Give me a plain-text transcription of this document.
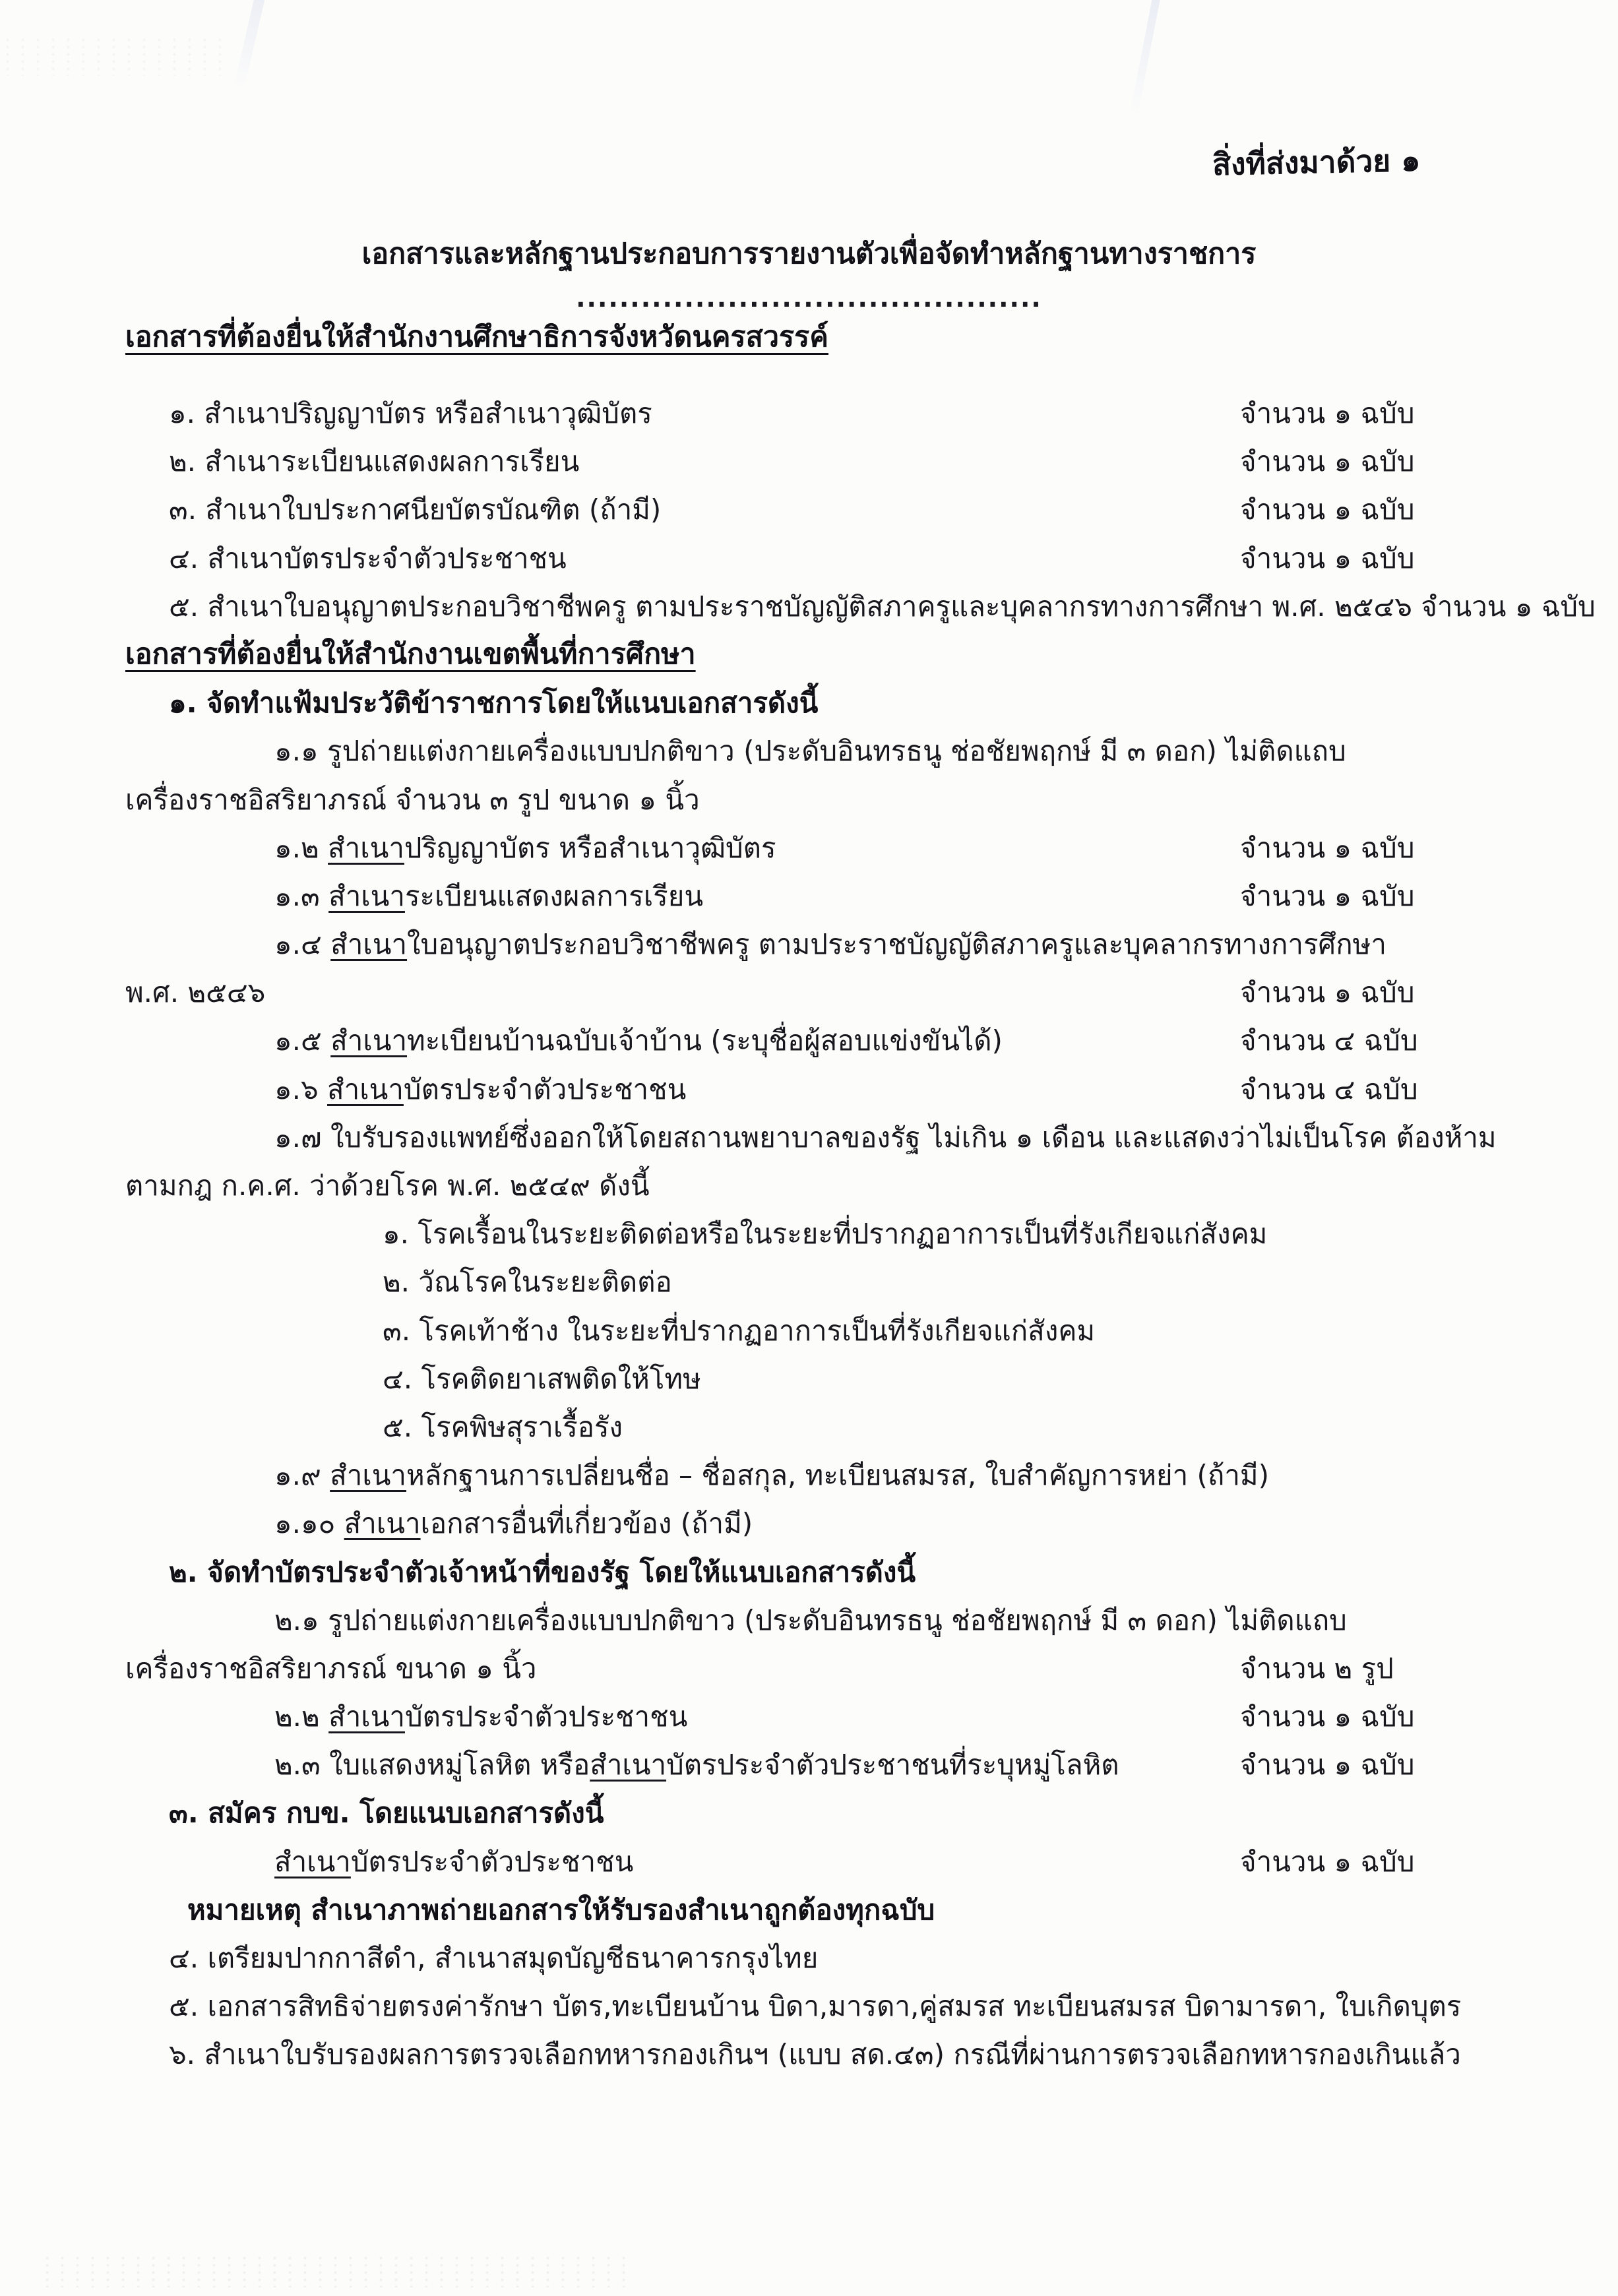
สิ่งที่ส่งมาด้วย ๑
เอกสารและหลักฐานประกอบการรายงานตัวเพื่อจัดทำหลักฐานทางราชการ
...........................................
เอกสารที่ต้องยื่นให้สำนักงานศึกษาธิการจังหวัดนครสวรรค์
๑. สำเนาปริญญาบัตร หรือสำเนาวุฒิบัตร	จำนวน ๑ ฉบับ
๒. สำเนาระเบียนแสดงผลการเรียน	จำนวน ๑ ฉบับ
๓. สำเนาใบประกาศนียบัตรบัณฑิต (ถ้ามี)	จำนวน ๑ ฉบับ
๔. สำเนาบัตรประจำตัวประชาชน	จำนวน ๑ ฉบับ
๕. สำเนาใบอนุญาตประกอบวิชาชีพครู ตามประราชบัญญัติสภาครูและบุคลากรทางการศึกษา พ.ศ. ๒๕๔๖ จำนวน ๑ ฉบับ
เอกสารที่ต้องยื่นให้สำนักงานเขตพื้นที่การศึกษา
๑. จัดทำแฟ้มประวัติข้าราชการโดยให้แนบเอกสารดังนี้
๑.๑ รูปถ่ายแต่งกายเครื่องแบบปกติขาว (ประดับอินทรธนู ช่อชัยพฤกษ์ มี ๓ ดอก) ไม่ติดแถบ
เครื่องราชอิสริยาภรณ์ จำนวน ๓ รูป ขนาด ๑ นิ้ว
๑.๒ สำเนาปริญญาบัตร หรือสำเนาวุฒิบัตร	จำนวน ๑ ฉบับ
๑.๓ สำเนาระเบียนแสดงผลการเรียน	จำนวน ๑ ฉบับ
๑.๔ สำเนาใบอนุญาตประกอบวิชาชีพครู ตามประราชบัญญัติสภาครูและบุคลากรทางการศึกษา
พ.ศ. ๒๕๔๖	จำนวน ๑ ฉบับ
๑.๕ สำเนาทะเบียนบ้านฉบับเจ้าบ้าน (ระบุชื่อผู้สอบแข่งขันได้)	จำนวน ๔ ฉบับ
๑.๖ สำเนาบัตรประจำตัวประชาชน	จำนวน ๔ ฉบับ
๑.๗ ใบรับรองแพทย์ซึ่งออกให้โดยสถานพยาบาลของรัฐ ไม่เกิน ๑ เดือน และแสดงว่าไม่เป็นโรค ต้องห้าม
ตามกฎ ก.ค.ศ. ว่าด้วยโรค พ.ศ. ๒๕๔๙ ดังนี้
๑. โรคเรื้อนในระยะติดต่อหรือในระยะที่ปรากฏอาการเป็นที่รังเกียจแก่สังคม
๒. วัณโรคในระยะติดต่อ
๓. โรคเท้าช้าง ในระยะที่ปรากฏอาการเป็นที่รังเกียจแก่สังคม
๔. โรคติดยาเสพติดให้โทษ
๕. โรคพิษสุราเรื้อรัง
๑.๙ สำเนาหลักฐานการเปลี่ยนชื่อ – ชื่อสกุล, ทะเบียนสมรส, ใบสำคัญการหย่า (ถ้ามี)
๑.๑๐ สำเนาเอกสารอื่นที่เกี่ยวข้อง (ถ้ามี)
๒. จัดทำบัตรประจำตัวเจ้าหน้าที่ของรัฐ โดยให้แนบเอกสารดังนี้
๒.๑ รูปถ่ายแต่งกายเครื่องแบบปกติขาว (ประดับอินทรธนู ช่อชัยพฤกษ์ มี ๓ ดอก) ไม่ติดแถบ
เครื่องราชอิสริยาภรณ์ ขนาด ๑ นิ้ว	จำนวน ๒ รูป
๒.๒ สำเนาบัตรประจำตัวประชาชน	จำนวน ๑ ฉบับ
๒.๓ ใบแสดงหมู่โลหิต หรือสำเนาบัตรประจำตัวประชาชนที่ระบุหมู่โลหิต	จำนวน ๑ ฉบับ
๓. สมัคร กบข. โดยแนบเอกสารดังนี้
สำเนาบัตรประจำตัวประชาชน	จำนวน ๑ ฉบับ
หมายเหตุ สำเนาภาพถ่ายเอกสารให้รับรองสำเนาถูกต้องทุกฉบับ
๔. เตรียมปากกาสีดำ, สำเนาสมุดบัญชีธนาคารกรุงไทย
๕. เอกสารสิทธิจ่ายตรงค่ารักษา บัตร,ทะเบียนบ้าน บิดา,มารดา,คู่สมรส ทะเบียนสมรส บิดามารดา, ใบเกิดบุตร
๖. สำเนาใบรับรองผลการตรวจเลือกทหารกองเกินฯ (แบบ สด.๔๓) กรณีที่ผ่านการตรวจเลือกทหารกองเกินแล้ว
